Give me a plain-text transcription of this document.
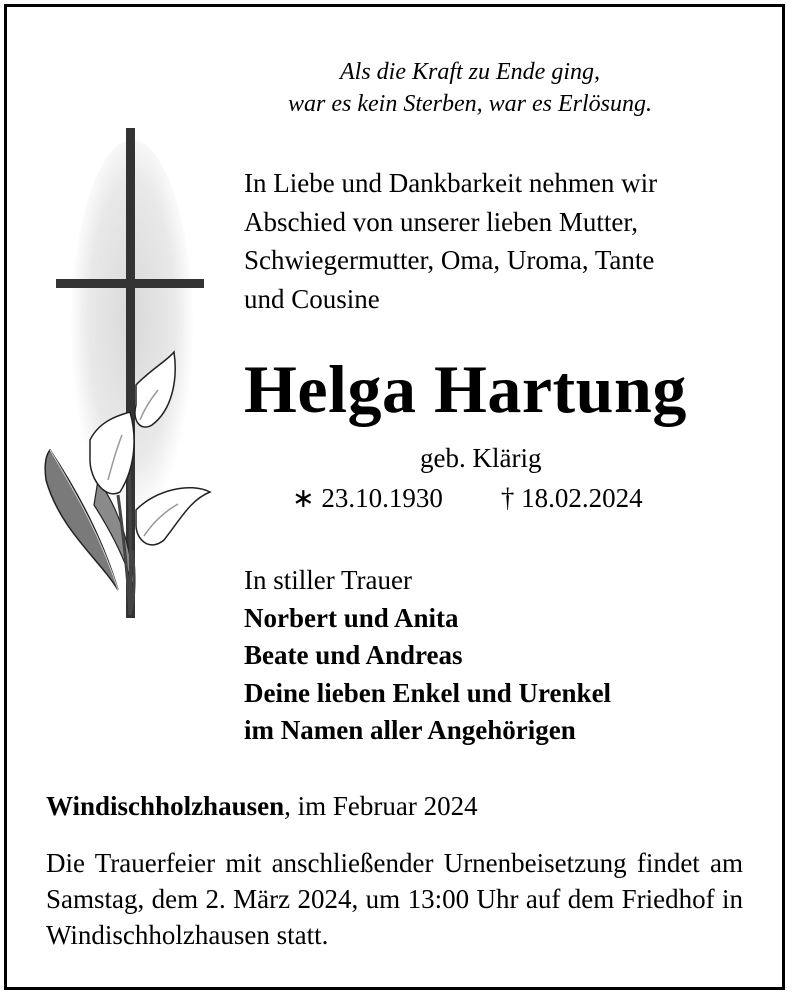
Als die Kraft zu Ende ging,
war es kein Sterben, war es Erlösung.
In Liebe und Dankbarkeit nehmen wir
Abschied von unserer lieben Mutter,
Schwiegermutter, Oma, Uroma, Tante
und Cousine
Helga Hartung
geb. Klärig
∗ 23.10.1930 † 18.02.2024
In stiller Trauer
Norbert und Anita
Beate und Andreas
Deine lieben Enkel und Urenkel
im Namen aller Angehörigen
Windischholzhausen, im Februar 2024
Die Trauerfeier mit anschließender Urnenbeisetzung findet am Samstag, dem 2. März 2024, um 13:00 Uhr auf dem Friedhof in Windischholzhausen statt.
